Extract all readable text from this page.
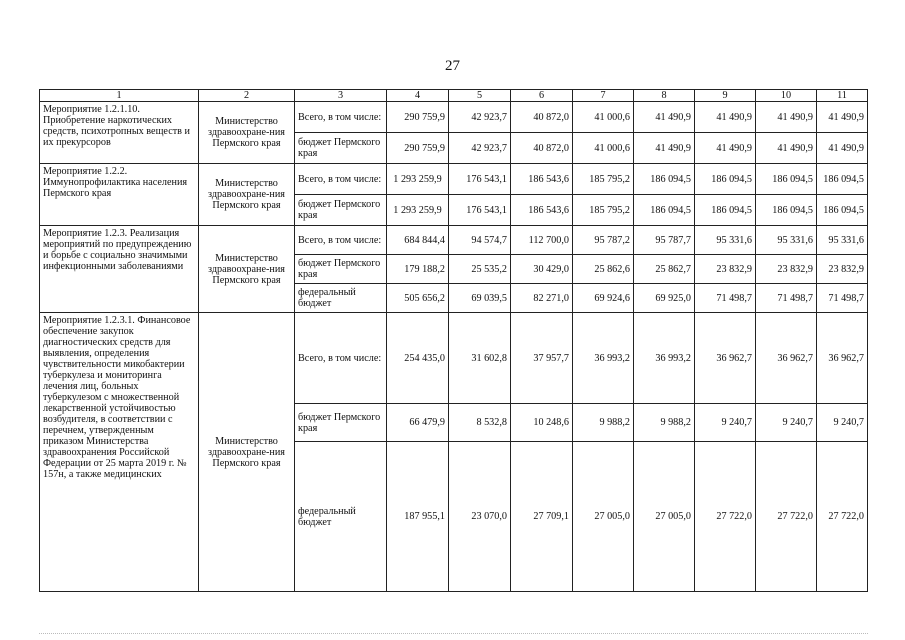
27
1	2	3	4	5	6	7	8	9	10	11
Мероприятие 1.2.1.10. Приобретение наркотических средств, психотропных веществ и их прекурсоров	Министерство здравоохране-ния Пермского края	Всего, в том числе:	290 759,9	42 923,7	40 872,0	41 000,6	41 490,9	41 490,9	41 490,9	41 490,9
		бюджет Пермского края	290 759,9	42 923,7	40 872,0	41 000,6	41 490,9	41 490,9	41 490,9	41 490,9
Мероприятие 1.2.2. Иммунопрофилактика населения Пермского края	Министерство здравоохране-ния Пермского края	Всего, в том числе:	1 293 259,9	176 543,1	186 543,6	185 795,2	186 094,5	186 094,5	186 094,5	186 094,5
		бюджет Пермского края	1 293 259,9	176 543,1	186 543,6	185 795,2	186 094,5	186 094,5	186 094,5	186 094,5
Мероприятие 1.2.3. Реализация мероприятий по предупреждению и борьбе с социально значимыми инфекционными заболеваниями	Министерство здравоохране-ния Пермского края	Всего, в том числе:	684 844,4	94 574,7	112 700,0	95 787,2	95 787,7	95 331,6	95 331,6	95 331,6
		бюджет Пермского края	179 188,2	25 535,2	30 429,0	25 862,6	25 862,7	23 832,9	23 832,9	23 832,9
		федеральный бюджет	505 656,2	69 039,5	82 271,0	69 924,6	69 925,0	71 498,7	71 498,7	71 498,7
Мероприятие 1.2.3.1. Финансовое обеспечение закупок диагностических средств для выявления, определения чувствительности микобактерии туберкулеза и мониторинга лечения лиц, больных туберкулезом с множественной лекарственной устойчивостью возбудителя, в соответствии с перечнем, утвержденным приказом Министерства здравоохранения Российской Федерации от 25 марта 2019 г. № 157н, а также медицинских	Министерство здравоохране-ния Пермского края	Всего, в том числе:	254 435,0	31 602,8	37 957,7	36 993,2	36 993,2	36 962,7	36 962,7	36 962,7
		бюджет Пермского края	66 479,9	8 532,8	10 248,6	9 988,2	9 988,2	9 240,7	9 240,7	9 240,7
		федеральный бюджет	187 955,1	23 070,0	27 709,1	27 005,0	27 005,0	27 722,0	27 722,0	27 722,0
